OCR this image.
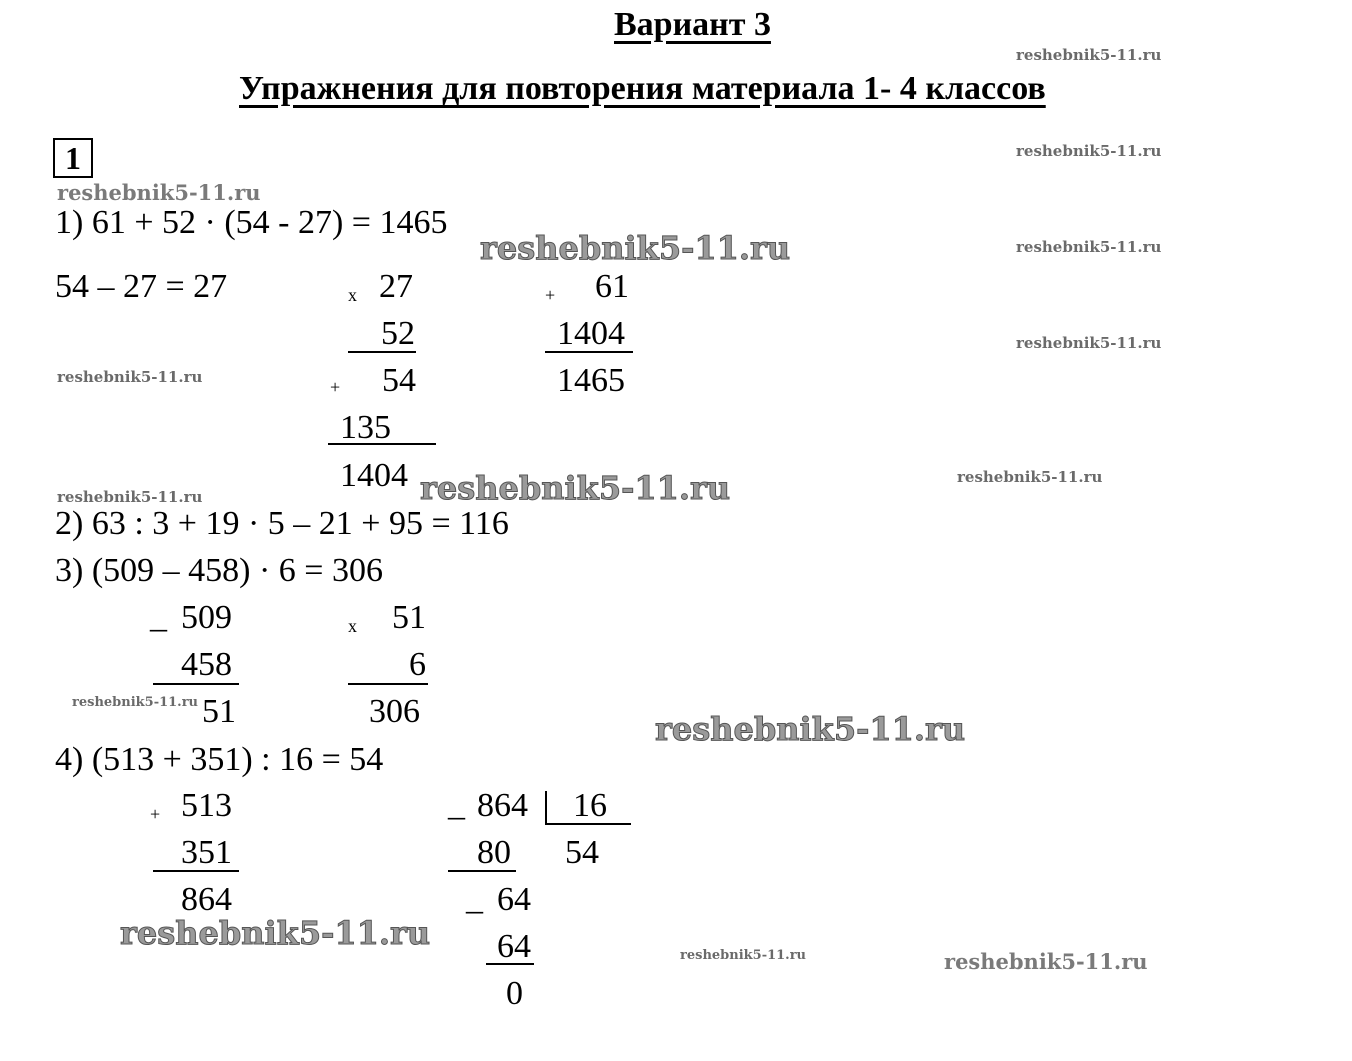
Вариант 3
Упражнения для повторения материала 1- 4 классов
1
1) 61 + 52 · (54 - 27) = 1465
54 – 27 = 27	x 27
52
+ 54
135
1404
+ 61
1404
1465
2) 63 : 3 + 19 · 5 – 21 + 95 = 116
3) (509 – 458) · 6 = 306
_ 509
458
51
x 51
6
306
4) (513 + 351) : 16 = 54
+ 513
351
864
_ 864 16
54
80
_ 64
64
0
reshebnik5-11.ru
reshebnik5-11.ru
reshebnik5-11.ru
reshebnik5-11.ru
reshebnik5-11.ru
reshebnik5-11.ru
reshebnik5-11.ru
reshebnik5-11.ru	reshebnik5-11.ru
reshebnik5-11.ru
reshebnik5-11.ru
reshebnik5-11.ru
reshebnik5-11.ru
reshebnik5-11.ru	reshebnik5-11.ru
